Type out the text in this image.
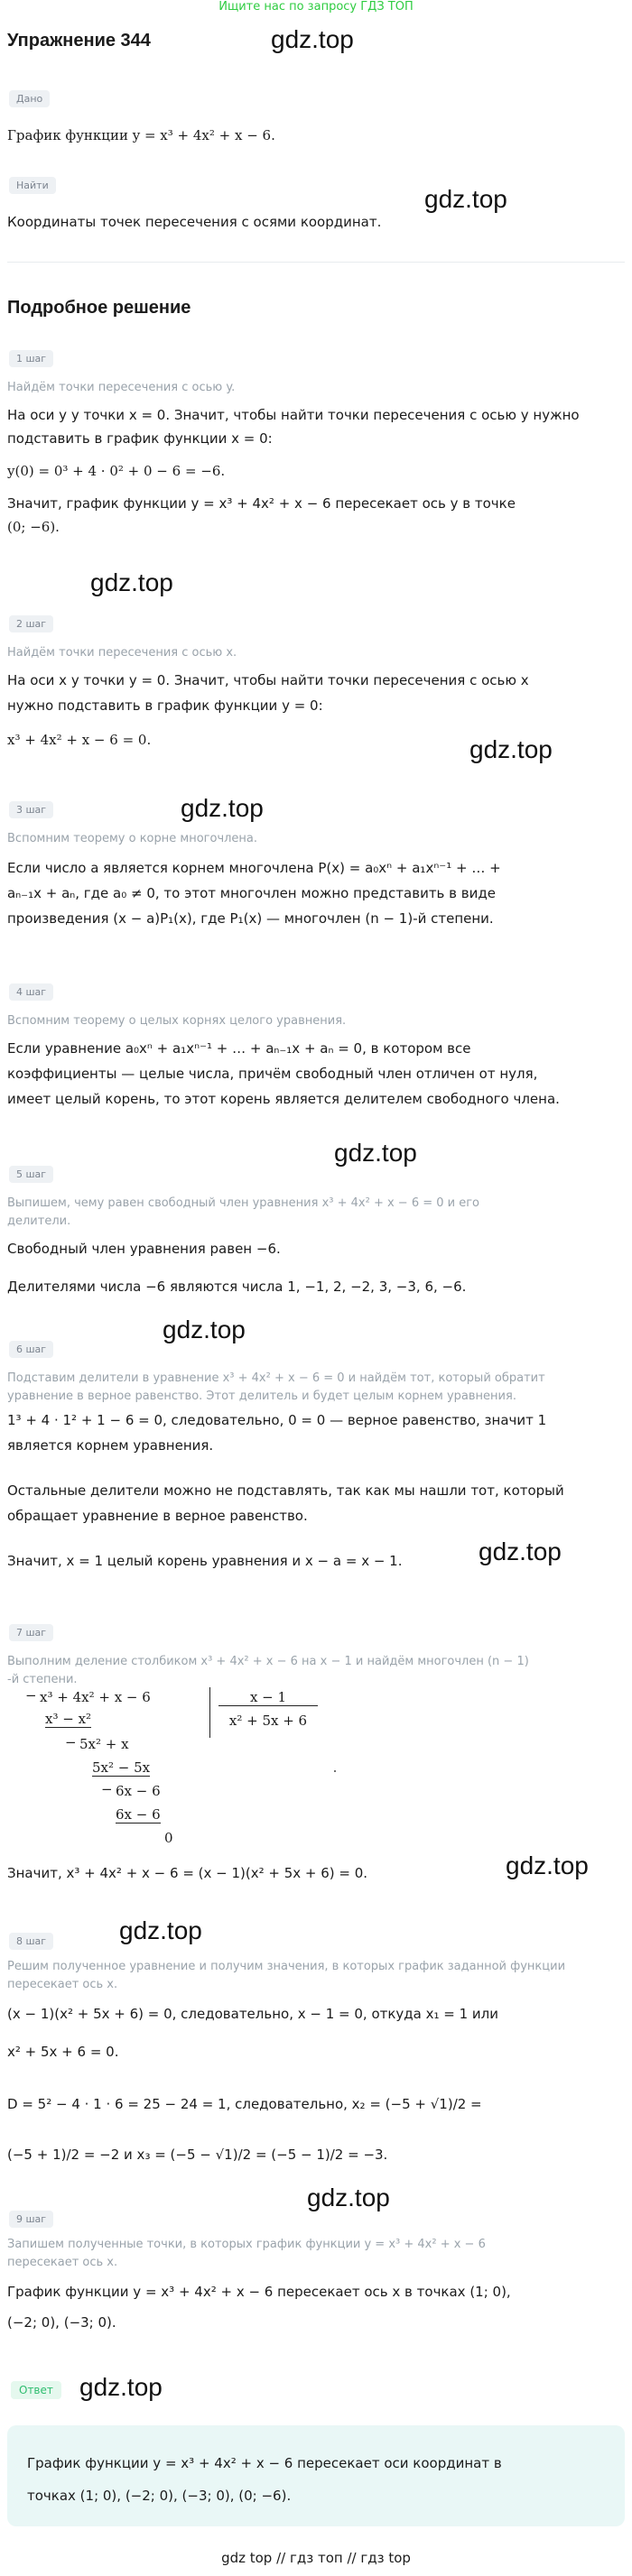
Ищите нас по запросу ГДЗ ТОП
Упражнение 344	gdz.top
Дано
График функции y = x³ + 4x² + x − 6.
Найти	gdz.top
Координаты точек пересечения с осями координат.
Подробное решение
1 шаг
Найдём точки пересечения с осью y.
На оси y у точки x = 0. Значит, чтобы найти точки пересечения с осью y нужно
подставить в график функции x = 0:
y(0) = 0³ + 4 · 0² + 0 − 6 = −6.
Значит, график функции y = x³ + 4x² + x − 6 пересекает ось y в точке
(0; −6).
gdz.top
2 шаг
Найдём точки пересечения с осью x.
На оси x у точки y = 0. Значит, чтобы найти точки пересечения с осью x
нужно подставить в график функции y = 0:
x³ + 4x² + x − 6 = 0.	gdz.top
3 шаг	gdz.top
Вспомним теорему о корне многочлена.
Если число a является корнем многочлена P(x) = a₀xⁿ + a₁xⁿ⁻¹ + … +
aₙ₋₁x + aₙ, где a₀ ≠ 0, то этот многочлен можно представить в виде
произведения (x − a)P₁(x), где P₁(x) — многочлен (n − 1)-й степени.
4 шаг
Вспомним теорему о целых корнях целого уравнения.
Если уравнение a₀xⁿ + a₁xⁿ⁻¹ + … + aₙ₋₁x + aₙ = 0, в котором все
коэффициенты — целые числа, причём свободный член отличен от нуля,
имеет целый корень, то этот корень является делителем свободного члена.
gdz.top
5 шаг
Выпишем, чему равен свободный член уравнения x³ + 4x² + x − 6 = 0 и его
делители.
Свободный член уравнения равен −6.
Делителями числа −6 являются числа 1, −1, 2, −2, 3, −3, 6, −6.
gdz.top
6 шаг
Подставим делители в уравнение x³ + 4x² + x − 6 = 0 и найдём тот, который обратит
уравнение в верное равенство. Этот делитель и будет целым корнем уравнения.
1³ + 4 · 1² + 1 − 6 = 0, следовательно, 0 = 0 — верное равенство, значит 1
является корнем уравнения.
Остальные делители можно не подставлять, так как мы нашли тот, который
обращает уравнение в верное равенство.
gdz.top
Значит, x = 1 целый корень уравнения и x − a = x − 1.
7 шаг
Выполним деление столбиком x³ + 4x² + x − 6 на x − 1 и найдём многочлен (n − 1)
-й степени.
− x³ + 4x² + x − 6	x − 1
x² + 5x + 6
x³ − x²
− 5x² + x
5x² − 5x
− 6x − 6
6x − 6
0
Значит, x³ + 4x² + x − 6 = (x − 1)(x² + 5x + 6) = 0.	gdz.top
gdz.top
8 шаг
Решим полученное уравнение и получим значения, в которых график заданной функции
пересекает ось x.
(x − 1)(x² + 5x + 6) = 0, следовательно, x − 1 = 0, откуда x₁ = 1 или
x² + 5x + 6 = 0.
D = 5² − 4 · 1 · 6 = 25 − 24 = 1, следовательно, x₂ = (−5 + √1)/2 =
(−5 + 1)/2 = −2 и x₃ = (−5 − √1)/2 = (−5 − 1)/2 = −3.
gdz.top
9 шаг
Запишем полученные точки, в которых график функции y = x³ + 4x² + x − 6
пересекает ось x.
График функции y = x³ + 4x² + x − 6 пересекает ось x в точках (1; 0),
(−2; 0), (−3; 0).
Ответ	gdz.top
График функции y = x³ + 4x² + x − 6 пересекает оси координат в
точках (1; 0), (−2; 0), (−3; 0), (0; −6).
gdz top // гдз топ // гдз top
